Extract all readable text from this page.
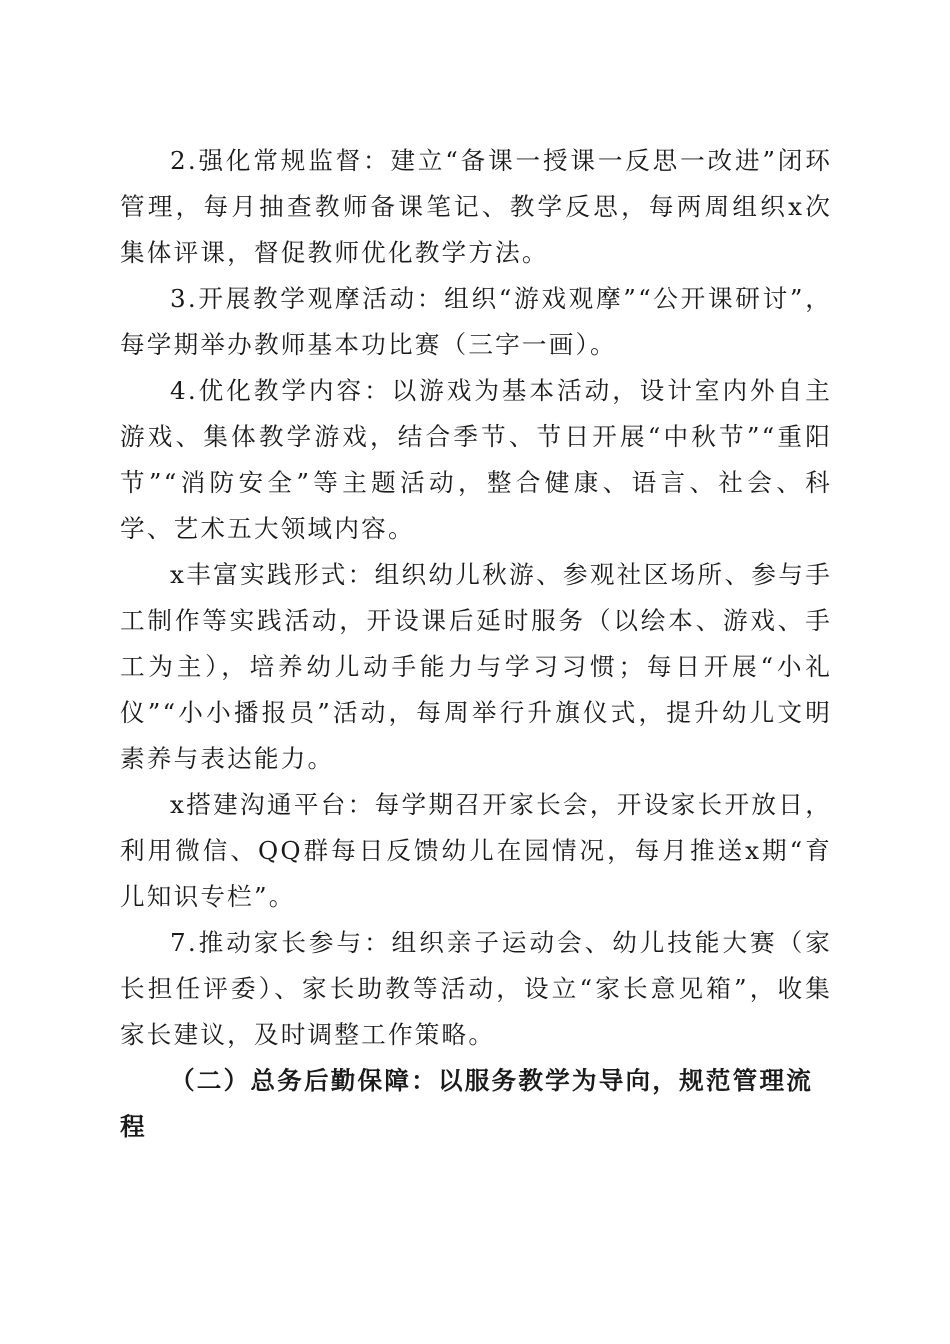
2.强化常规监督：建立“备课一授课一反思一改进”闭环管理，每月抽查教师备课笔记、教学反思，每两周组织x次集体评课，督促教师优化教学方法。

3.开展教学观摩活动：组织“游戏观摩”“公开课研讨”，每学期举办教师基本功比赛（三字一画）。

4.优化教学内容：以游戏为基本活动，设计室内外自主游戏、集体教学游戏，结合季节、节日开展“中秋节”“重阳节”“消防安全”等主题活动，整合健康、语言、社会、科学、艺术五大领域内容。

x丰富实践形式：组织幼儿秋游、参观社区场所、参与手工制作等实践活动，开设课后延时服务（以绘本、游戏、手工为主），培养幼儿动手能力与学习习惯；每日开展“小礼仪”“小小播报员”活动，每周举行升旗仪式，提升幼儿文明素养与表达能力。

x搭建沟通平台：每学期召开家长会，开设家长开放日，利用微信、QQ群每日反馈幼儿在园情况，每月推送x期“育儿知识专栏”。

7.推动家长参与：组织亲子运动会、幼儿技能大赛（家长担任评委）、家长助教等活动，设立“家长意见箱”，收集家长建议，及时调整工作策略。

（二）总务后勤保障：以服务教学为导向，规范管理流程
